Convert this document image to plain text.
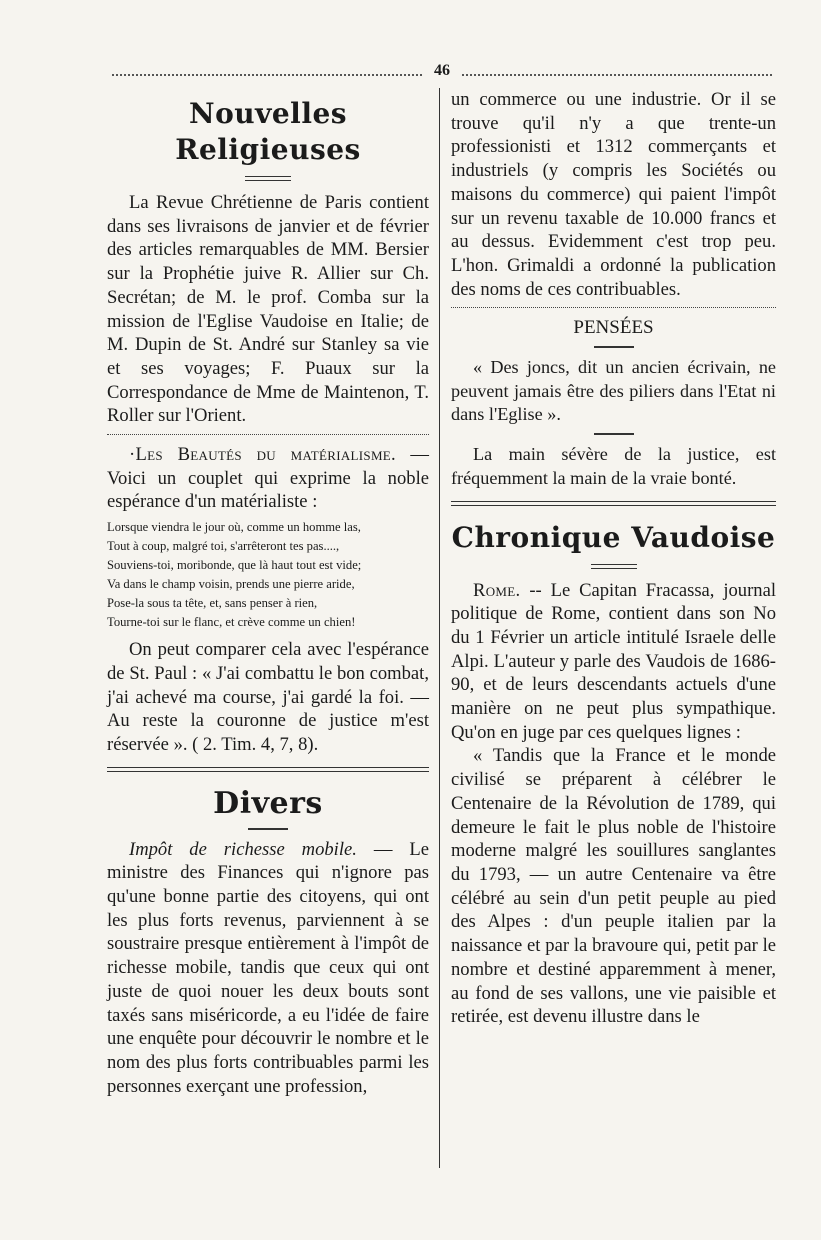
46
Nouvelles Religieuses

La Revue Chrétienne de Paris contient dans ses livraisons de janvier et de février des articles remarquables de MM. Bersier sur la Prophétie juive R. Allier sur Ch. Secrétan; de M. le prof. Comba sur la mission de l'Eglise Vaudoise en Italie; de M. Dupin de St. André sur Stanley sa vie et ses voyages; F. Puaux sur la Correspondance de Mme de Maintenon, T. Roller sur l'Orient.

·Les Beautés du matérialisme. — Voici un couplet qui exprime la noble espérance d'un matérialiste :

Lorsque viendra le jour où, comme un homme las,
Tout à coup, malgré toi, s'arrêteront tes pas....,
Souviens-toi, moribonde, que là haut tout est vide;
Va dans le champ voisin, prends une pierre aride,
Pose-la sous ta tête, et, sans penser à rien,
Tourne-toi sur le flanc, et crève comme un chien!

On peut comparer cela avec l'espérance de St. Paul : « J'ai combattu le bon combat, j'ai achevé ma course, j'ai gardé la foi. — Au reste la couronne de justice m'est réservée ». ( 2. Tim. 4, 7, 8).

Divers

Impôt de richesse mobile. — Le ministre des Finances qui n'ignore pas qu'une bonne partie des citoyens, qui ont les plus forts revenus, parviennent à se soustraire presque entièrement à l'impôt de richesse mobile, tandis que ceux qui ont juste de quoi nouer les deux bouts sont taxés sans miséricorde, a eu l'idée de faire une enquête pour découvrir le nombre et le nom des plus forts contribuables parmi les personnes exerçant une profession,

un commerce ou une industrie. Or il se trouve qu'il n'y a que trente-un professionisti et 1312 commerçants et industriels (y compris les Sociétés ou maisons du commerce) qui paient l'impôt sur un revenu taxable de 10.000 francs et au dessus. Evidemment c'est trop peu. L'hon. Grimaldi a ordonné la publication des noms de ces contribuables.

PENSÉES

« Des joncs, dit un ancien écrivain, ne peuvent jamais être des piliers dans l'Etat ni dans l'Eglise ».

La main sévère de la justice, est fréquemment la main de la vraie bonté.

Chronique Vaudoise

Rome. -- Le Capitan Fracassa, journal politique de Rome, contient dans son No du 1 Février un article intitulé Israele delle Alpi. L'auteur y parle des Vaudois de 1686-90, et de leurs descendants actuels d'une manière on ne peut plus sympathique. Qu'on en juge par ces quelques lignes :

« Tandis que la France et le monde civilisé se préparent à célébrer le Centenaire de la Révolution de 1789, qui demeure le fait le plus noble de l'histoire moderne malgré les souillures sanglantes du 1793, — un autre Centenaire va être célébré au sein d'un petit peuple au pied des Alpes : d'un peuple italien par la naissance et par la bravoure qui, petit par le nombre et destiné apparemment à mener, au fond de ses vallons, une vie paisible et retirée, est devenu illustre dans le
